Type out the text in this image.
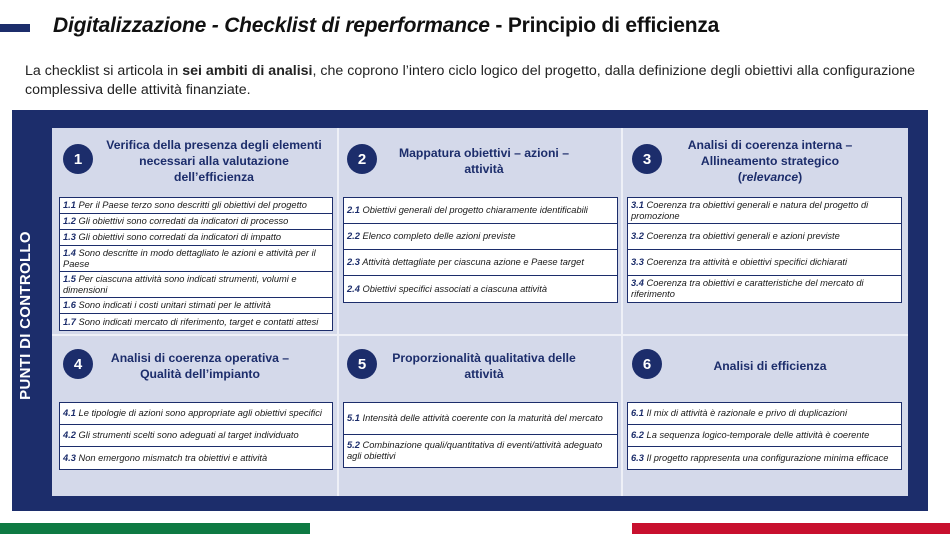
Digitalizzazione - Checklist di reperformance - Principio di efficienza

La checklist si articola in sei ambiti di analisi, che coprono l’intero ciclo logico del progetto, dalla definizione degli obiettivi alla configurazione complessiva delle attività finanziate.

PUNTI DI CONTROLLO
1
Verifica della presenza degli elementi necessari alla valutazione dell’efficienza
1.1 Per il Paese terzo sono descritti gli obiettivi del progetto
1.2 Gli obiettivi sono corredati da indicatori di processo
1.3 Gli obiettivi sono corredati da indicatori di impatto
1.4 Sono descritte in modo dettagliato le azioni e attività per il Paese
1.5 Per ciascuna attività sono indicati strumenti, volumi e dimensioni
1.6 Sono indicati i costi unitari stimati per le attività
1.7 Sono indicati mercato di riferimento, target e contatti attesi
2	Mappatura obiettivi – azioni – attività
2.1 Obiettivi generali del progetto chiaramente identificabili
2.2 Elenco completo delle azioni previste
2.3 Attività dettagliate per ciascuna azione e Paese target
2.4 Obiettivi specifici associati a ciascuna attività
3
Analisi di coerenza interna – Allineamento strategico
(relevance)
3.1 Coerenza tra obiettivi generali e natura del progetto di promozione
3.2 Coerenza tra obiettivi generali e azioni previste
3.3 Coerenza tra attività e obiettivi specifici dichiarati
3.4 Coerenza tra obiettivi e caratteristiche del mercato di riferimento
4	Analisi di coerenza operativa – Qualità dell’impianto
4.1 Le tipologie di azioni sono appropriate agli obiettivi specifici
4.2 Gli strumenti scelti sono adeguati al target individuato
4.3 Non emergono mismatch tra obiettivi e attività
5	Proporzionalità qualitativa delle attività
5.1 Intensità delle attività coerente con la maturità del mercato
5.2 Combinazione quali/quantitativa di eventi/attività adeguato agli obiettivi
6	Analisi di efficienza
6.1 Il mix di attività è razionale e privo di duplicazioni
6.2 La sequenza logico-temporale delle attività è coerente
6.3 Il progetto rappresenta una configurazione minima efficace
